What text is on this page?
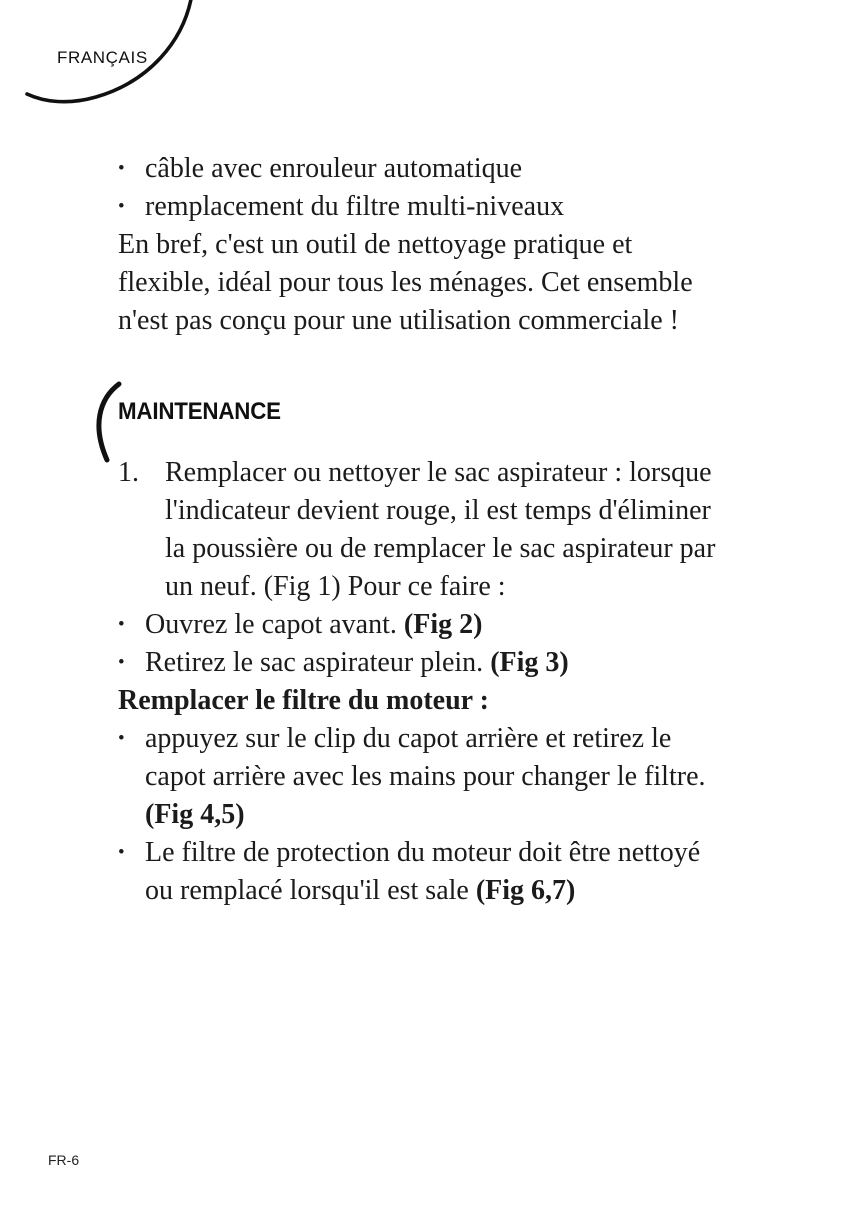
FRANÇAIS
• câble avec enrouleur automatique
• remplacement du filtre multi-niveaux

En bref, c'est un outil de nettoyage pratique et flexible, idéal pour tous les ménages. Cet ensemble n'est pas conçu pour une utilisation commerciale !

MAINTENANCE
1. Remplacer ou nettoyer le sac aspirateur : lorsque l'indicateur devient rouge, il est temps d'éliminer la poussière ou de remplacer le sac aspirateur par un neuf. (Fig 1) Pour ce faire :
• Ouvrez le capot avant. (Fig 2)
• Retirez le sac aspirateur plein. (Fig 3)

Remplacer le filtre du moteur :

• appuyez sur le clip du capot arrière et retirez le capot arrière avec les mains pour changer le filtre. (Fig 4,5)
• Le filtre de protection du moteur doit être nettoyé ou remplacé lorsqu'il est sale (Fig 6,7)
FR-6
